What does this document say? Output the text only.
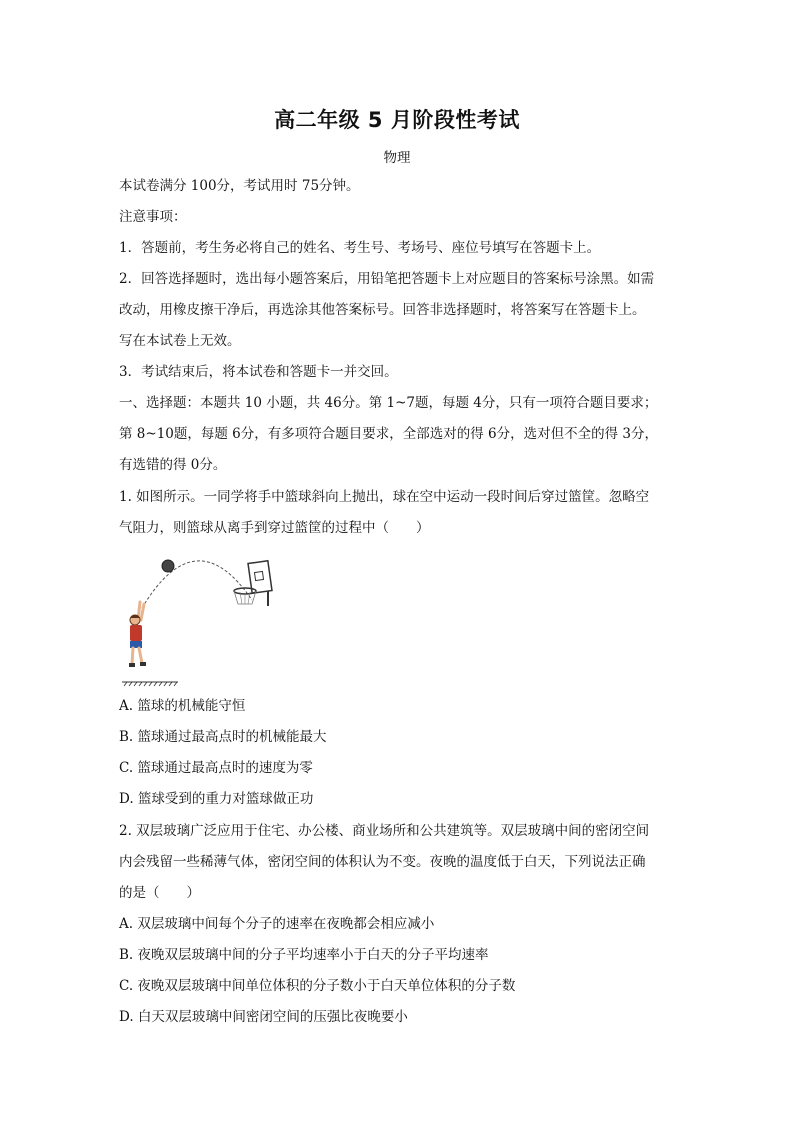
高二年级 5 月阶段性考试
物理
本试卷满分 100分，考试用时 75分钟。
注意事项：
1．答题前，考生务必将自己的姓名、考生号、考场号、座位号填写在答题卡上。
2．回答选择题时，选出每小题答案后，用铅笔把答题卡上对应题目的答案标号涂黑。如需
改动，用橡皮擦干净后，再选涂其他答案标号。回答非选择题时，将答案写在答题卡上。
写在本试卷上无效。
3．考试结束后，将本试卷和答题卡一并交回。
一、选择题：本题共 10 小题，共 46分。第 1~7题，每题 4分，只有一项符合题目要求；
第 8~10题，每题 6分，有多项符合题目要求，全部选对的得 6分，选对但不全的得 3分，
有选错的得 0分。
1. 如图所示。一同学将手中篮球斜向上抛出，球在空中运动一段时间后穿过篮筐。忽略空
气阻力，则篮球从离手到穿过篮筐的过程中（　　）
A. 篮球的机械能守恒
B. 篮球通过最高点时的机械能最大
C. 篮球通过最高点时的速度为零
D. 篮球受到的重力对篮球做正功
2. 双层玻璃广泛应用于住宅、办公楼、商业场所和公共建筑等。双层玻璃中间的密闭空间
内会残留一些稀薄气体，密闭空间的体积认为不变。夜晚的温度低于白天，下列说法正确
的是（　　）
A. 双层玻璃中间每个分子的速率在夜晚都会相应减小
B. 夜晚双层玻璃中间的分子平均速率小于白天的分子平均速率
C. 夜晚双层玻璃中间单位体积的分子数小于白天单位体积的分子数
D. 白天双层玻璃中间密闭空间的压强比夜晚要小
